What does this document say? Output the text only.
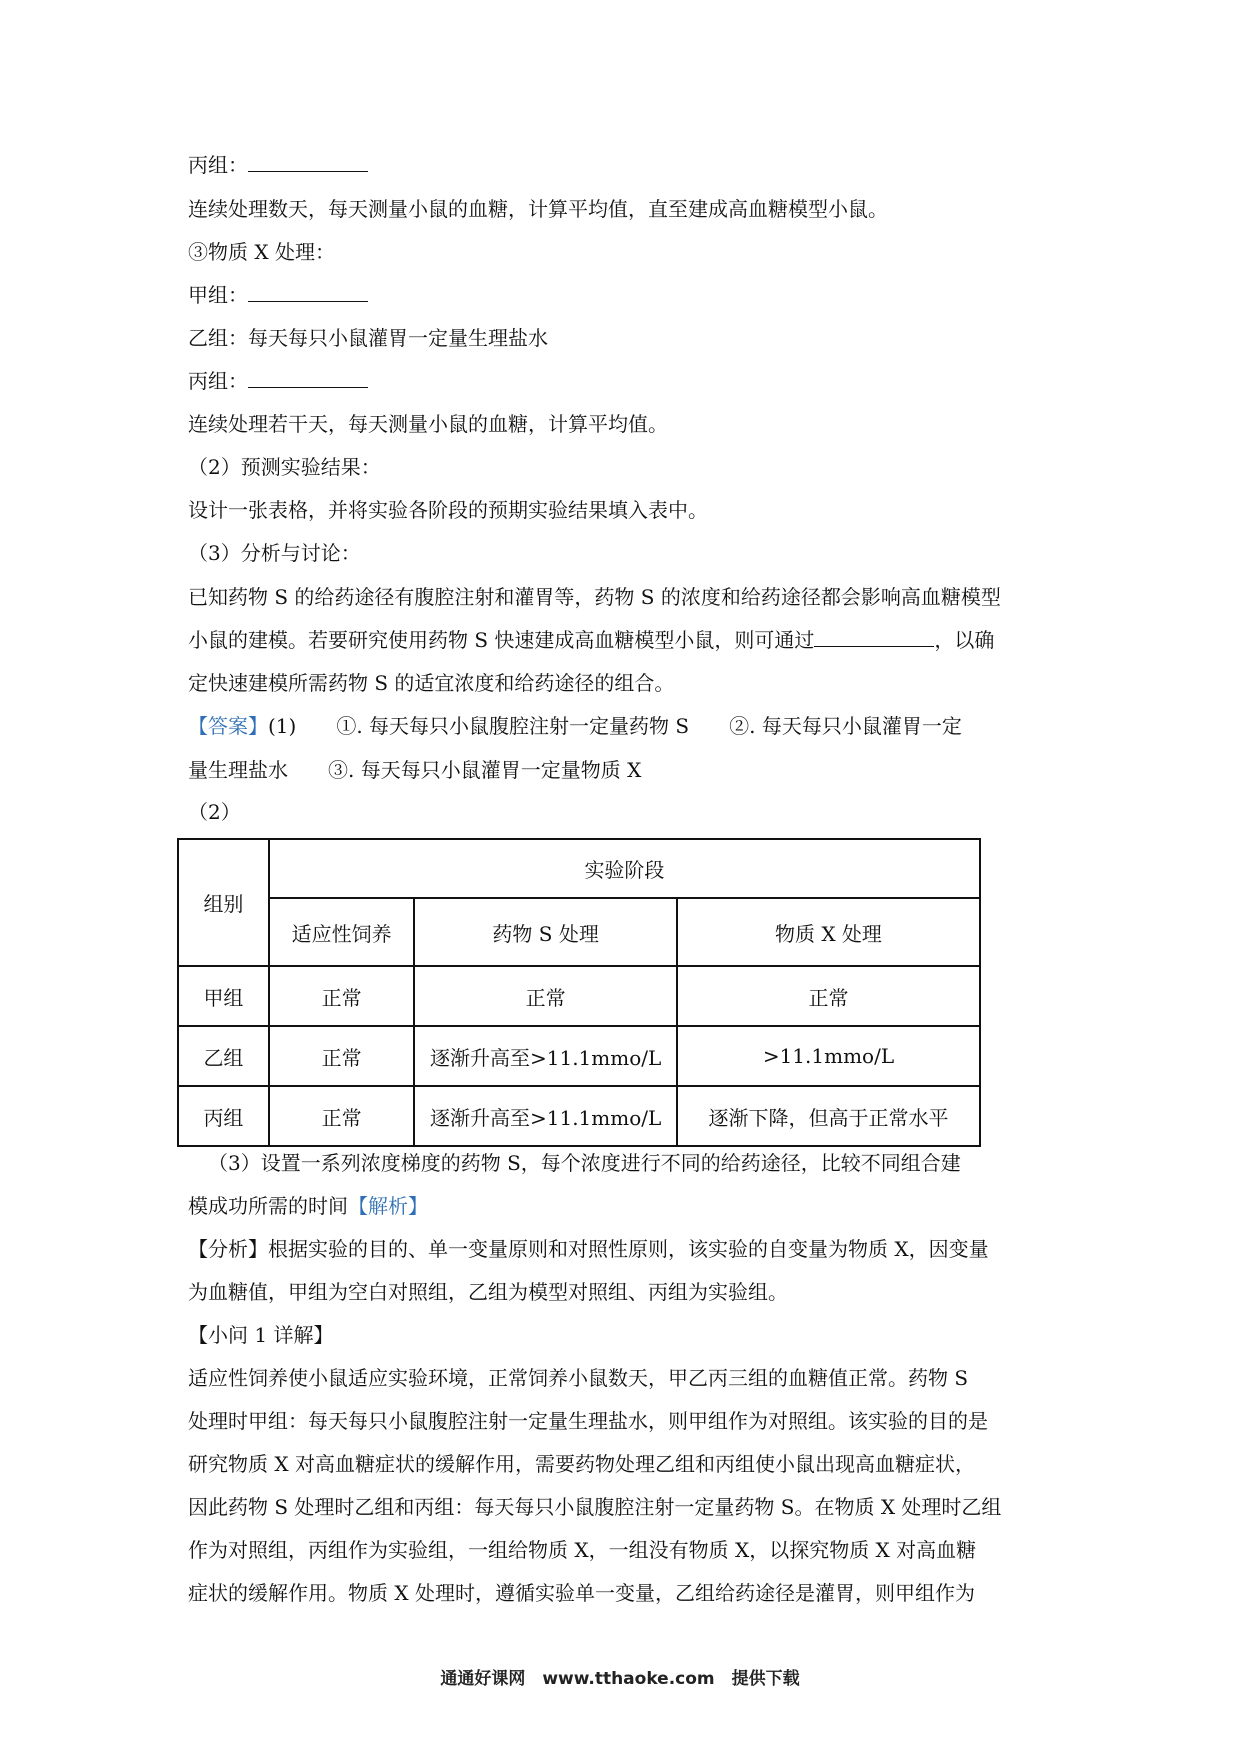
丙组：
连续处理数天，每天测量小鼠的血糖，计算平均值，直至建成高血糖模型小鼠。
③物质 X 处理：
甲组：
乙组：每天每只小鼠灌胃一定量生理盐水
丙组：
连续处理若干天，每天测量小鼠的血糖，计算平均值。
（2）预测实验结果：
设计一张表格，并将实验各阶段的预期实验结果填入表中。
（3）分析与讨论：
已知药物 S 的给药途径有腹腔注射和灌胃等，药物 S 的浓度和给药途径都会影响高血糖模型
小鼠的建模。若要研究使用药物 S 快速建成高血糖模型小鼠，则可通过	，以确
定快速建模所需药物 S 的适宜浓度和给药途径的组合。
【答案】(1)　　①. 每天每只小鼠腹腔注射一定量药物 S　　②. 每天每只小鼠灌胃一定
量生理盐水　　③. 每天每只小鼠灌胃一定量物质 X
（2）
组别	实验阶段		
	适应性饲养	药物 S 处理	物质 X 处理
甲组	正常	正常	正常
乙组	正常	逐渐升高至>11.1mmo/L	>11.1mmo/L
丙组	正常	逐渐升高至>11.1mmo/L	逐渐下降，但高于正常水平
（3）设置一系列浓度梯度的药物 S，每个浓度进行不同的给药途径，比较不同组合建
模成功所需的时间【解析】
【分析】根据实验的目的、单一变量原则和对照性原则，该实验的自变量为物质 X，因变量
为血糖值，甲组为空白对照组，乙组为模型对照组、丙组为实验组。
【小问 1 详解】
适应性饲养使小鼠适应实验环境，正常饲养小鼠数天，甲乙丙三组的血糖值正常。药物 S
处理时甲组：每天每只小鼠腹腔注射一定量生理盐水，则甲组作为对照组。该实验的目的是
研究物质 X 对高血糖症状的缓解作用，需要药物处理乙组和丙组使小鼠出现高血糖症状，
因此药物 S 处理时乙组和丙组：每天每只小鼠腹腔注射一定量药物 S。在物质 X 处理时乙组
作为对照组，丙组作为实验组，一组给物质 X，一组没有物质 X，以探究物质 X 对高血糖
症状的缓解作用。物质 X 处理时，遵循实验单一变量，乙组给药途径是灌胃，则甲组作为
通通好课网　www.tthaoke.com　提供下载
